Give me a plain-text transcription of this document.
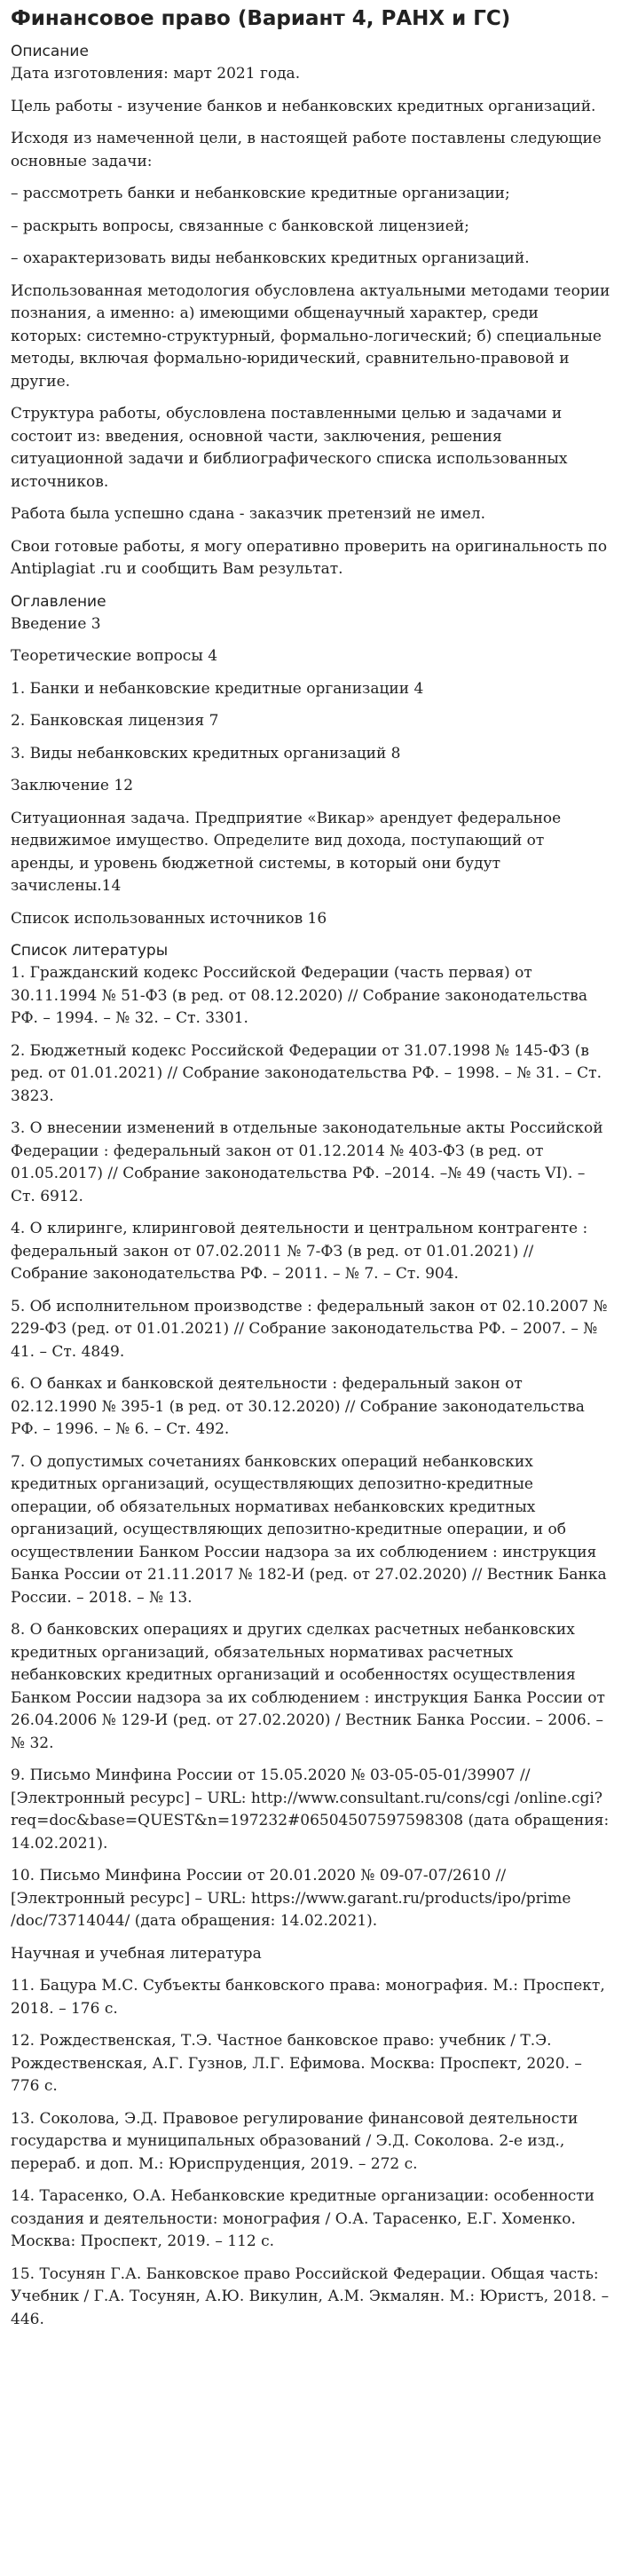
Финансовое право (Вариант 4, РАНХ и ГС)
Описание

Дата изготовления: март 2021 года.

Цель работы - изучение банков и небанковских кредитных организаций.

Исходя из намеченной цели, в настоящей работе поставлены следующие основные задачи:

– рассмотреть банки и небанковские кредитные организации;

– раскрыть вопросы, связанные с банковской лицензией;

– охарактеризовать виды небанковских кредитных организаций.

Использованная методология обусловлена актуальными методами теории познания, а именно: а) имеющими общенаучный характер, среди которых: системно-структурный, формально-логический; б) специальные методы, включая формально-юридический, сравнительно-правовой и другие.

Структура работы, обусловлена поставленными целью и задачами и состоит из: введения, основной части, заключения, решения ситуационной задачи и библиографического списка использованных источников.

Работа была успешно сдана - заказчик претензий не имел.

Свои готовые работы, я могу оперативно проверить на оригинальность по Antiplagiat .ru и сообщить Вам результат.

Оглавление

Введение 3

Теоретические вопросы 4

1. Банки и небанковские кредитные организации 4

2. Банковская лицензия 7

3. Виды небанковских кредитных организаций 8

Заключение 12

Ситуационная задача. Предприятие «Викар» арендует федеральное недвижимое имущество. Определите вид дохода, поступающий от аренды, и уровень бюджетной системы, в который они будут зачислены.14

Список использованных источников 16

Список литературы

1. Гражданский кодекс Российской Федерации (часть первая) от 30.11.1994 № 51-ФЗ (в ред. от 08.12.2020) // Собрание законодательства РФ. – 1994. – № 32. – Ст. 3301.

2. Бюджетный кодекс Российской Федерации от 31.07.1998 № 145-ФЗ (в ред. от 01.01.2021) // Собрание законодательства РФ. – 1998. – № 31. – Ст. 3823.

3. О внесении изменений в отдельные законодательные акты Российской Федерации : федеральный закон от 01.12.2014 № 403-ФЗ (в ред. от 01.05.2017) // Собрание законодательства РФ. –2014. –№ 49 (часть VI). – Ст. 6912.

4. О клиринге, клиринговой деятельности и центральном контрагенте : федеральный закон от 07.02.2011 № 7-ФЗ (в ред. от 01.01.2021) // Собрание законодательства РФ. – 2011. – № 7. – Ст. 904.

5. Об исполнительном производстве : федеральный закон от 02.10.2007 № 229-ФЗ (ред. от 01.01.2021) // Собрание законодательства РФ. – 2007. – № 41. – Ст. 4849.

6. О банках и банковской деятельности : федеральный закон от 02.12.1990 № 395-1 (в ред. от 30.12.2020) // Собрание законодательства РФ. – 1996. – № 6. – Ст. 492.

7. О допустимых сочетаниях банковских операций небанковских кредитных организаций, осуществляющих депозитно-кредитные операции, об обязательных нормативах небанковских кредитных организаций, осуществляющих депозитно-кредитные операции, и об осуществлении Банком России надзора за их соблюдением : инструкция Банка России от 21.11.2017 № 182-И (ред. от 27.02.2020) // Вестник Банка России. – 2018. – № 13.

8. О банковских операциях и других сделках расчетных небанковских кредитных организаций, обязательных нормативах расчетных небанковских кредитных организаций и особенностях осуществления Банком России надзора за их соблюдением : инструкция Банка России от 26.04.2006 № 129-И (ред. от 27.02.2020) / Вестник Банка России. – 2006. – № 32.

9. Письмо Минфина России от 15.05.2020 № 03-05-05-01/39907 // [Электронный ресурс] – URL: http://www.consultant.ru/cons/cgi /online.cgi?req=doc&base=QUEST&n=197232#06504507597598308 (дата обращения: 14.02.2021).

10. Письмо Минфина России от 20.01.2020 № 09-07-07/2610 // [Электронный ресурс] – URL: https://www.garant.ru/products/ipo/prime /doc/73714044/ (дата обращения: 14.02.2021).

Научная и учебная литература

11. Бацура М.С. Субъекты банковского права: монография. М.: Проспект, 2018. – 176 с.

12. Рождественская, Т.Э. Частное банковское право: учебник / Т.Э. Рождественская, А.Г. Гузнов, Л.Г. Ефимова. Москва: Проспект, 2020. – 776 с.

13. Соколова, Э.Д. Правовое регулирование финансовой деятельности государства и муниципальных образований / Э.Д. Соколова. 2-е изд., перераб. и доп. М.: Юриспруденция, 2019. – 272 с.

14. Тарасенко, О.А. Небанковские кредитные организации: особенности создания и деятельности: монография / О.А. Тарасенко, Е.Г. Хоменко. Москва: Проспект, 2019. – 112 с.

15. Тосунян Г.А. Банковское право Российской Федерации. Общая часть: Учебник / Г.А. Тосунян, А.Ю. Викулин, А.М. Экмалян. М.: Юристъ, 2018. – 446.
